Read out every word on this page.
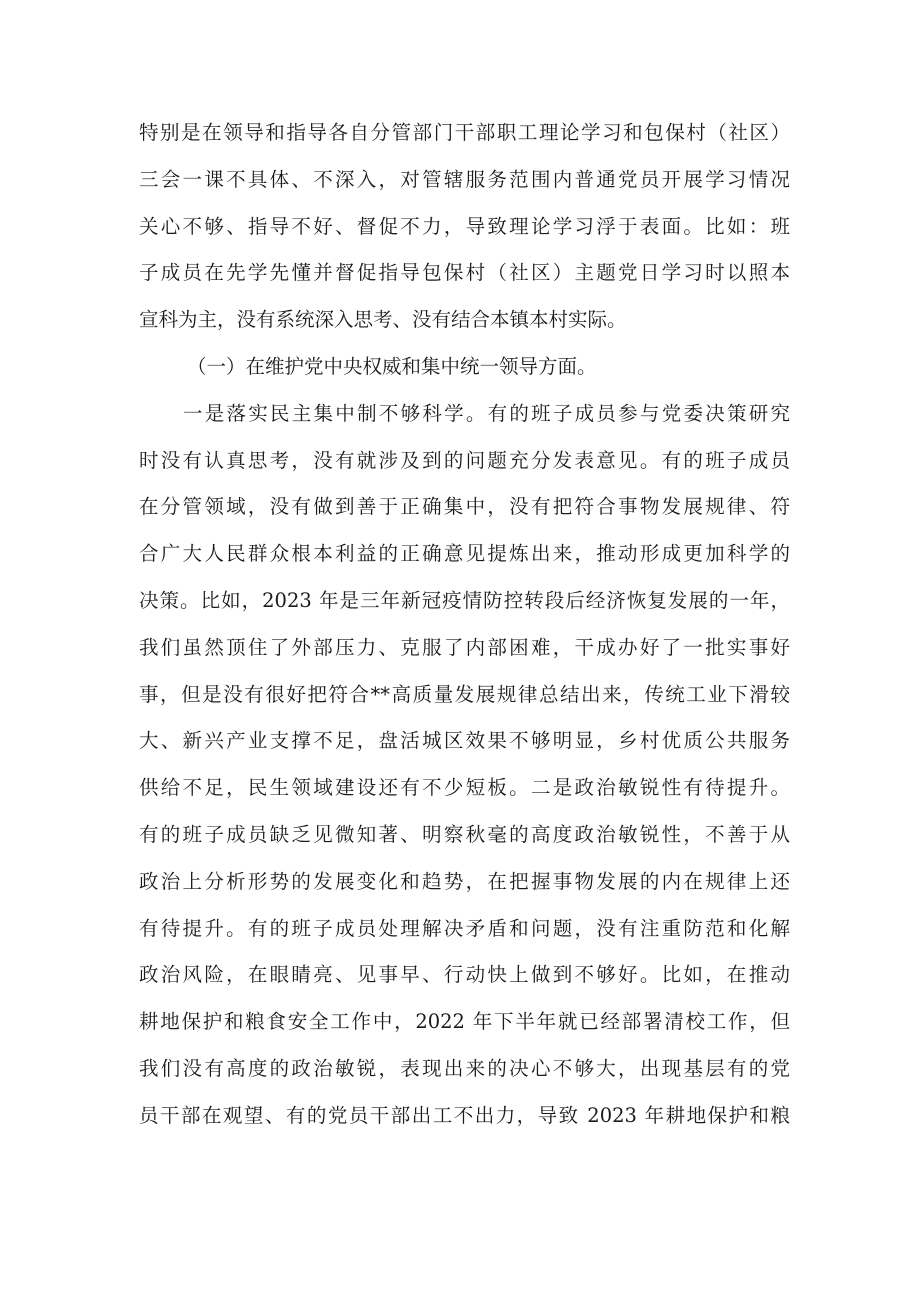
特别是在领导和指导各自分管部门干部职工理论学习和包保村（社区）
三会一课不具体、不深入，对管辖服务范围内普通党员开展学习情况
关心不够、指导不好、督促不力，导致理论学习浮于表面。比如：班
子成员在先学先懂并督促指导包保村（社区）主题党日学习时以照本
宣科为主，没有系统深入思考、没有结合本镇本村实际。
（一）在维护党中央权威和集中统一领导方面。
一是落实民主集中制不够科学。有的班子成员参与党委决策研究
时没有认真思考，没有就涉及到的问题充分发表意见。有的班子成员
在分管领域，没有做到善于正确集中，没有把符合事物发展规律、符
合广大人民群众根本利益的正确意见提炼出来，推动形成更加科学的
决策。比如，2023 年是三年新冠疫情防控转段后经济恢复发展的一年，
我们虽然顶住了外部压力、克服了内部困难，干成办好了一批实事好
事，但是没有很好把符合**高质量发展规律总结出来，传统工业下滑较
大、新兴产业支撑不足，盘活城区效果不够明显，乡村优质公共服务
供给不足，民生领域建设还有不少短板。二是政治敏锐性有待提升。
有的班子成员缺乏见微知著、明察秋毫的高度政治敏锐性，不善于从
政治上分析形势的发展变化和趋势，在把握事物发展的内在规律上还
有待提升。有的班子成员处理解决矛盾和问题，没有注重防范和化解
政治风险，在眼睛亮、见事早、行动快上做到不够好。比如，在推动
耕地保护和粮食安全工作中，2022 年下半年就已经部署清校工作，但
我们没有高度的政治敏锐，表现出来的决心不够大，出现基层有的党
员干部在观望、有的党员干部出工不出力，导致 2023 年耕地保护和粮
